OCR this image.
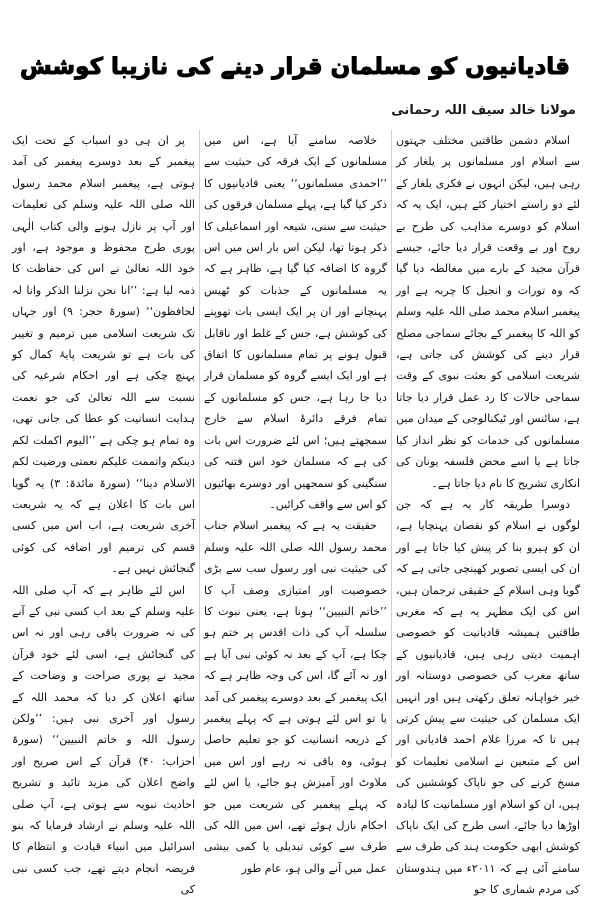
قادیانیوں کو مسلمان قرار دینے کی نازیبا کوشش
مولانا خالد سیف اللہ رحمانی

اسلام دشمن طاقتیں مختلف جہتوں سے اسلام اور مسلمانوں پر یلغار کر رہی ہیں، لیکن انہوں نے فکری یلغار کے لئے دو راستے اختیار کئے ہیں، ایک یہ کہ اسلام کو دوسرے مذاہب کی طرح بے روح اور بے وقعت قرار دیا جائے، جیسے قرآن مجید کے بارے میں مغالطہ دیا گیا کہ وہ تورات و انجیل کا چربہ ہے اور پیغمبر اسلام محمد صلی اللہ علیہ وسلم کو اللہ کا پیغمبر کے بجائے سماجی مصلح قرار دینے کی کوشش کی جاتی ہے، شریعت اسلامی کو بعثت نبوی کے وقت سماجی حالات کا رد عمل قرار دیا جاتا ہے، سائنس اور ٹیکنالوجی کے میدان میں مسلمانوں کی خدمات کو نظر انداز کیا جاتا ہے یا اسے محض فلسفہ یونان کی انکاری تشریح کا نام دیا جاتا ہے۔

دوسرا طریقہ کار یہ ہے کہ جن لوگوں نے اسلام کو نقصان پہنچایا ہے، ان کو ہیرو بنا کر پیش کیا جاتا ہے اور ان کی ایسی تصویر کھینچی جاتی ہے کہ گویا وہی اسلام کے حقیقی ترجمان ہیں، اس کی ایک مظہر یہ ہے کہ مغربی طاقتیں ہمیشہ قادیانیت کو خصوصی اہمیت دیتی رہی ہیں، قادیانیوں کے ساتھ مغرب کی خصوصی دوستانہ اور خیر خواہانہ تعلق رکھتی ہیں اور انہیں ایک مسلمان کی حیثیت سے پیش کرتی ہیں تا کہ مرزا غلام احمد قادیانی اور اس کے متبعین نے اسلامی تعلیمات کو مسخ کرنے کی جو ناپاک کوششیں کی ہیں، ان کو اسلام اور مسلمانیت کا لبادہ اوڑھا دیا جائے، اسی طرح کی ایک ناپاک کوشش ابھی حکومت ہند کی طرف سے سامنے آئی ہے کہ ۲۰۱۱ء میں ہندوستان کی مردم شماری کا جو

خلاصہ سامنے آیا ہے، اس میں مسلمانوں کے ایک فرقہ کی حیثیت سے ’’احمدی مسلمانوں‘‘ یعنی قادیانیوں کا ذکر کیا گیا ہے، پہلے مسلمان فرقوں کی حیثیت سے سنی، شیعہ اور اسماعیلی کا ذکر ہوتا تھا، لیکن اس بار اس میں اس گروہ کا اضافہ کیا گیا ہے، ظاہر ہے کہ یہ مسلمانوں کے جذبات کو ٹھیس پہنچانے اور ان پر ایک ایسی بات تھوپنے کی کوشش ہے، جس کے غلط اور ناقابل قبول ہونے پر تمام مسلمانوں کا اتفاق ہے اور ایک ایسے گروہ کو مسلمان قرار دیا جا رہا ہے، جس کو مسلمانوں کے تمام فرقے دائرۂ اسلام سے خارج سمجھتے ہیں؛ اس لئے ضرورت اس بات کی ہے کہ مسلمان خود اس فتنہ کی سنگینی کو سمجھیں اور دوسرے بھائیوں کو اس سے واقف کرائیں۔

حقیقت یہ ہے کہ پیغمبر اسلام جناب محمد رسول اللہ صلی اللہ علیہ وسلم کی حیثیت نبی اور رسول سب سے بڑی خصوصیت اور امتیازی وصف آپ کا ’’خاتم النبیین‘‘ ہونا ہے، یعنی نبوت کا سلسلہ آپ کی ذات اقدس پر ختم ہو چکا ہے، آپ کے بعد نہ کوئی نبی آیا ہے اور نہ آئے گا، اس کی وجہ ظاہر ہے کہ ایک پیغمبر کے بعد دوسرے پیغمبر کی آمد یا تو اس لئے ہوتی ہے کہ پہلے پیغمبر کے ذریعہ انسانیت کو جو تعلیم حاصل ہوئی، وہ باقی نہ رہے اور اس میں ملاوٹ اور آمیزش ہو جائے، یا اس لئے کہ پہلے پیغمبر کی شریعت میں جو احکام نازل ہوئے تھے، اس میں اللہ کی طرف سے کوئی تبدیلی یا کمی بیشی عمل میں آنے والی ہو، عام طور

پر ان ہی دو اسباب کے تحت ایک پیغمبر کے بعد دوسرے پیغمبر کی آمد ہوتی ہے، پیغمبر اسلام محمد رسول اللہ صلی اللہ علیہ وسلم کی تعلیمات اور آپ پر نازل ہونے والی کتاب الٰہی پوری طرح محفوظ و موجود ہے، اور خود اللہ تعالیٰ نے اس کی حفاظت کا ذمہ لیا ہے: ’’انا نحن نزلنا الذکر وانا لہ لحافظون‘‘ (سورۃ حجر: ۹) اور جہاں تک شریعت اسلامی میں ترمیم و تغییر کی بات ہے تو شریعت پایۂ کمال کو پہنچ چکی ہے اور احکام شرعیہ کی نسبت سے اللہ تعالیٰ کی جو نعمت ہدایت انسانیت کو عطا کی جانی تھی، وہ تمام ہو چکی ہے ’’الیوم اکملت لکم دینکم واتممت علیکم نعمتی ورضیت لکم الاسلام دینا‘‘ (سورۃ مائدۃ: ۳) یہ گویا اس بات کا اعلان ہے کہ یہ شریعت آخری شریعت ہے، اب اس میں کسی قسم کی ترمیم اور اضافہ کی کوئی گنجائش نہیں ہے۔

اس لئے ظاہر ہے کہ آپ صلی اللہ علیہ وسلم کے بعد اب کسی نبی کے آنے کی نہ ضرورت باقی رہی اور نہ اس کی گنجائش ہے، اسی لئے خود قرآن مجید نے پوری صراحت و وضاحت کے ساتھ اعلان کر دیا کہ محمد اللہ کے رسول اور آخری نبی ہیں: ’’ولکن رسول اللہ و خاتم النبیین‘‘ (سورۃ احزاب: ۴۰) قرآن کے اس صریح اور واضح اعلان کی مزید تائید و تشریح احادیث نبویہ سے ہوتی ہے، آپ صلی اللہ علیہ وسلم نے ارشاد فرمایا کہ بنو اسرائیل میں انبیاء قیادت و انتظام کا فریضہ انجام دیتے تھے، جب کسی نبی کی
